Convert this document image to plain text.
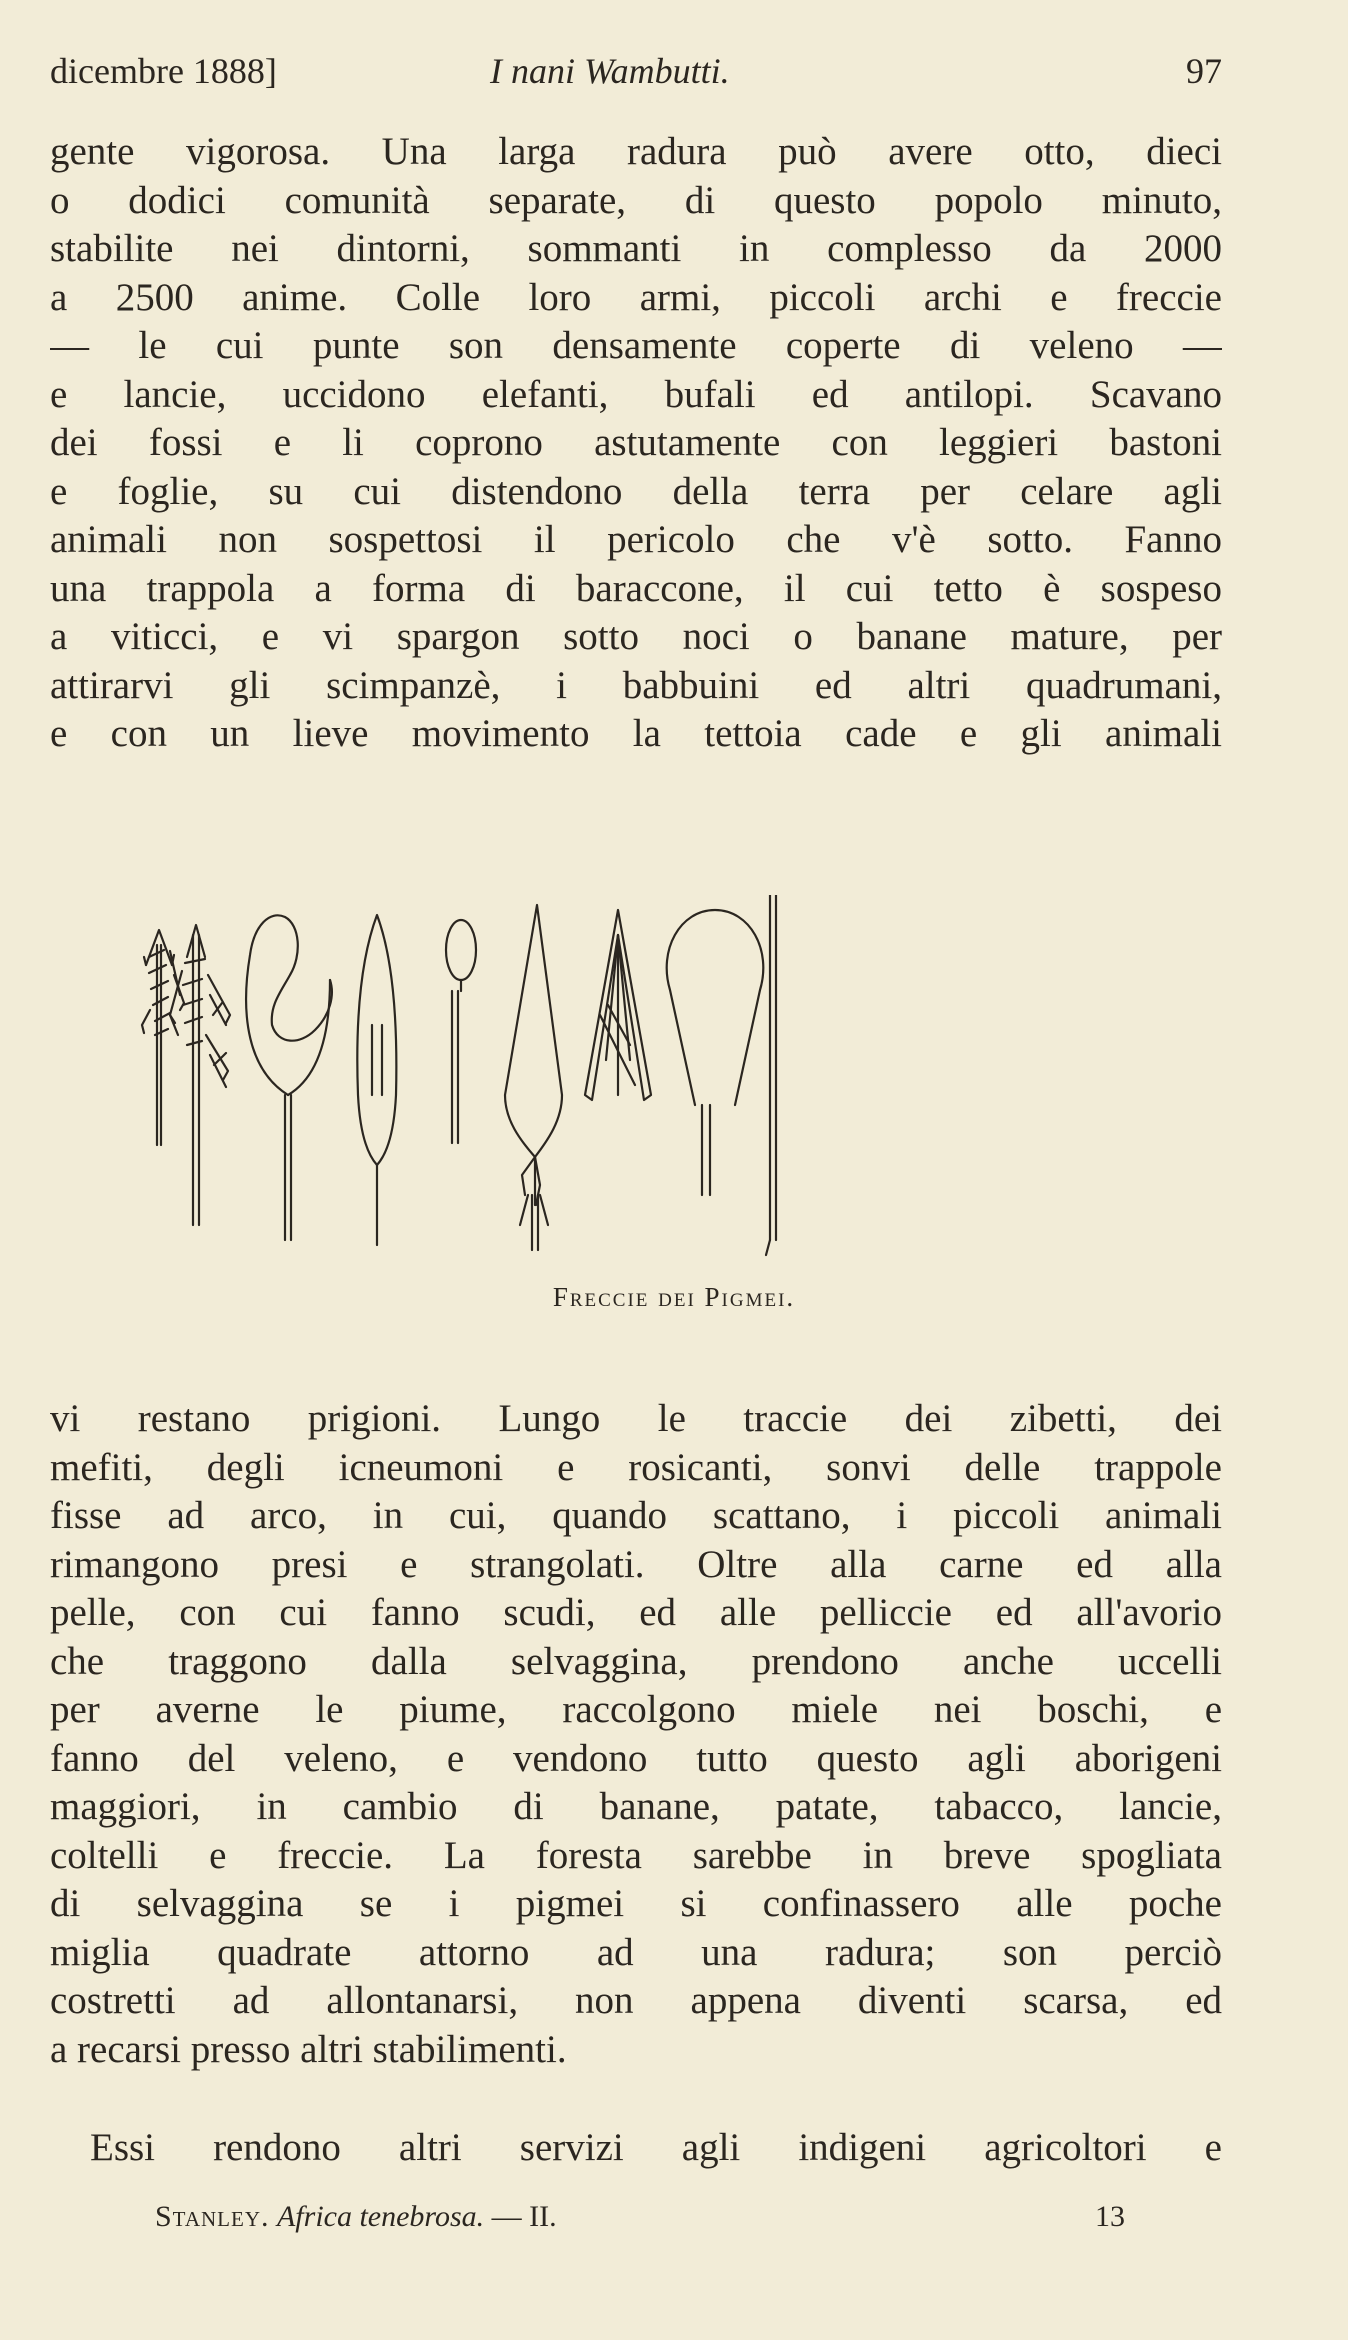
dicembre 1888]	I nani Wambutti.	97
gente vigorosa. Una larga radura può avere otto, dieci
o dodici comunità separate, di questo popolo minuto,
stabilite nei dintorni, sommanti in complesso da 2000
a 2500 anime. Colle loro armi, piccoli archi e freccie
— le cui punte son densamente coperte di veleno —
e lancie, uccidono elefanti, bufali ed antilopi. Scavano
dei fossi e li coprono astutamente con leggieri bastoni
e foglie, su cui distendono della terra per celare agli
animali non sospettosi il pericolo che v'è sotto. Fanno
una trappola a forma di baraccone, il cui tetto è sospeso
a viticci, e vi spargon sotto noci o banane mature, per
attirarvi gli scimpanzè, i babbuini ed altri quadrumani,
e con un lieve movimento la tettoia cade e gli animali
Freccie dei Pigmei.
vi restano prigioni. Lungo le traccie dei zibetti, dei
mefiti, degli icneumoni e rosicanti, sonvi delle trappole
fisse ad arco, in cui, quando scattano, i piccoli animali
rimangono presi e strangolati. Oltre alla carne ed alla
pelle, con cui fanno scudi, ed alle pelliccie ed all'avorio
che traggono dalla selvaggina, prendono anche uccelli
per averne le piume, raccolgono miele nei boschi, e
fanno del veleno, e vendono tutto questo agli aborigeni
maggiori, in cambio di banane, patate, tabacco, lancie,
coltelli e freccie. La foresta sarebbe in breve spogliata
di selvaggina se i pigmei si confinassero alle poche
miglia quadrate attorno ad una radura; son perciò
costretti ad allontanarsi, non appena diventi scarsa, ed
a recarsi presso altri stabilimenti.
Essi rendono altri servizi agli indigeni agricoltori e
Stanley. Africa tenebrosa. — II.	13
